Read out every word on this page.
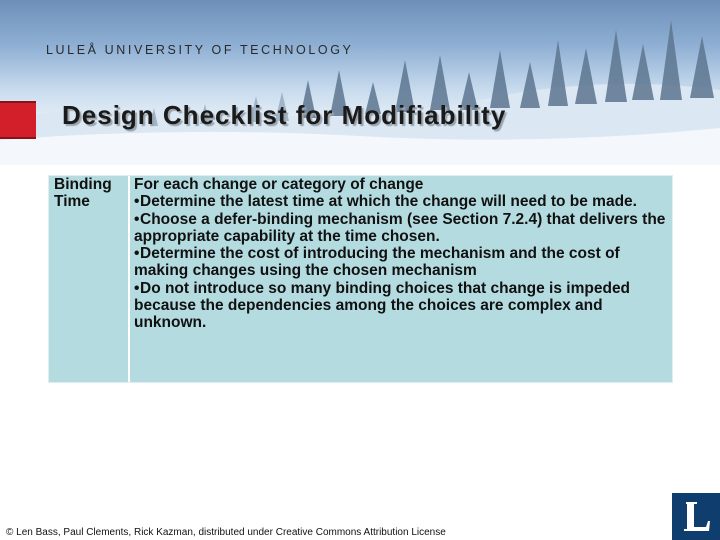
LULEÅ UNIVERSITY OF TECHNOLOGY
Design Checklist for Modifiability

Binding
Time

For each change or category of change

•Determine the latest time at which the change will need to be made.
•Choose a defer-binding mechanism (see Section 7.2.4) that delivers the appropriate capability at the time chosen.
•Determine the cost of introducing the mechanism and the cost of making changes using the chosen mechanism
•Do not introduce so many binding choices that change is impeded because the dependencies among the choices are complex and unknown.
© Len Bass, Paul Clements, Rick Kazman, distributed under Creative Commons Attribution License
